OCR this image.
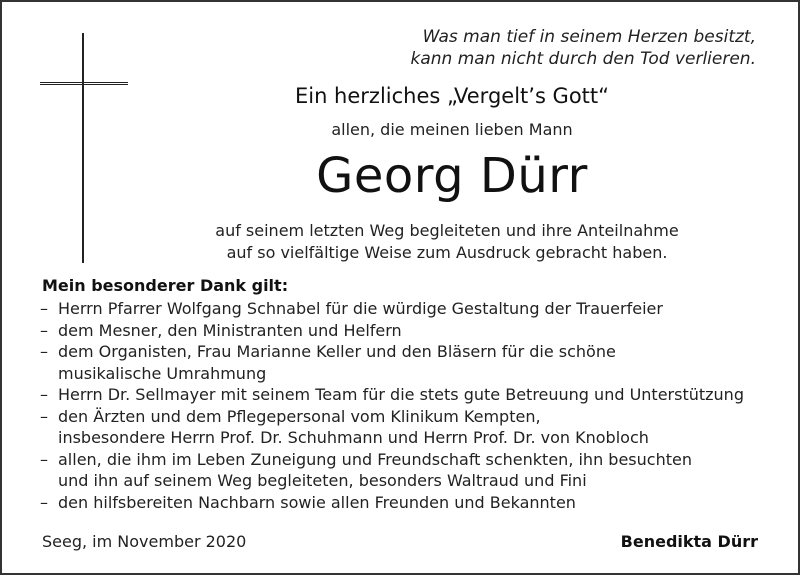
Was man tief in seinem Herzen besitzt,
kann man nicht durch den Tod verlieren.
Ein herzliches „Vergelt’s Gott“
allen, die meinen lieben Mann
Georg Dürr
auf seinem letzten Weg begleiteten und ihre Anteilnahme
auf so vielfältige Weise zum Ausdruck gebracht haben.
Mein besonderer Dank gilt:
– Herrn Pfarrer Wolfgang Schnabel für die würdige Gestaltung der Trauerfeier
– dem Mesner, den Ministranten und Helfern
– dem Organisten, Frau Marianne Keller und den Bläsern für die schöne
musikalische Umrahmung
– Herrn Dr. Sellmayer mit seinem Team für die stets gute Betreuung und Unterstützung
– den Ärzten und dem Pflegepersonal vom Klinikum Kempten,
insbesondere Herrn Prof. Dr. Schuhmann und Herrn Prof. Dr. von Knobloch
– allen, die ihm im Leben Zuneigung und Freundschaft schenkten, ihn besuchten
und ihn auf seinem Weg begleiteten, besonders Waltraud und Fini
– den hilfsbereiten Nachbarn sowie allen Freunden und Bekannten
Seeg, im November 2020	Benedikta Dürr
